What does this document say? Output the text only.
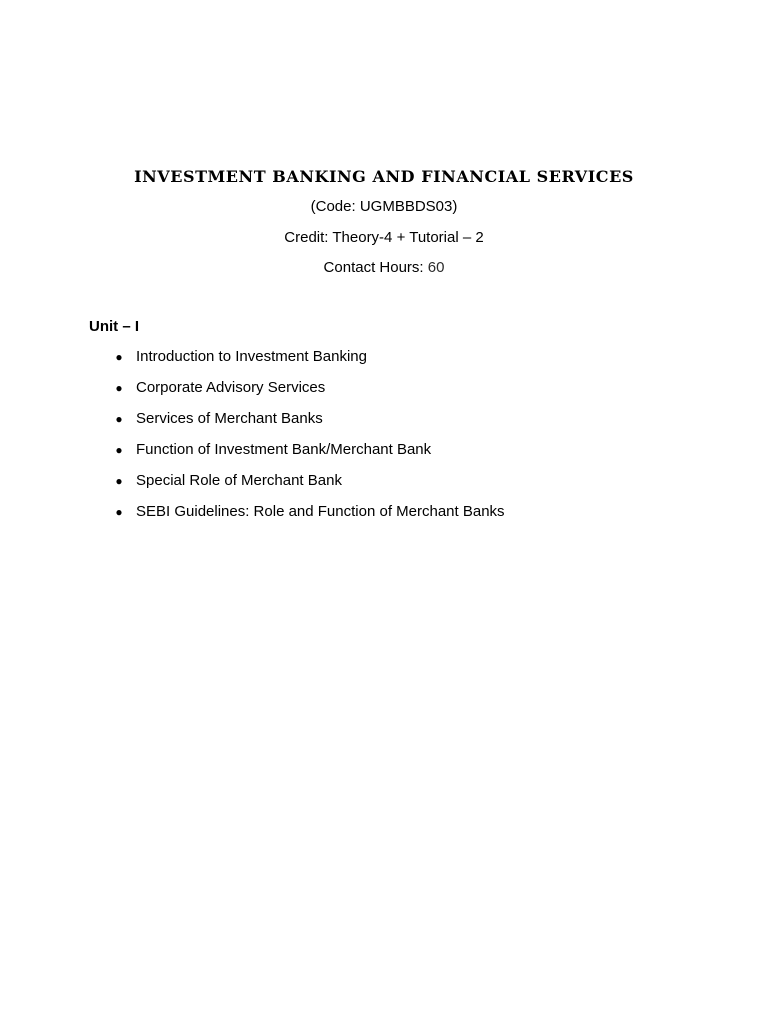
INVESTMENT BANKING AND FINANCIAL SERVICES
(Code: UGMBBDS03)
Credit: Theory-4 + Tutorial – 2
Contact Hours: 60
Unit – I
● Introduction to Investment Banking
● Corporate Advisory Services
● Services of Merchant Banks
● Function of Investment Bank/Merchant Bank
● Special Role of Merchant Bank
● SEBI Guidelines: Role and Function of Merchant Banks
